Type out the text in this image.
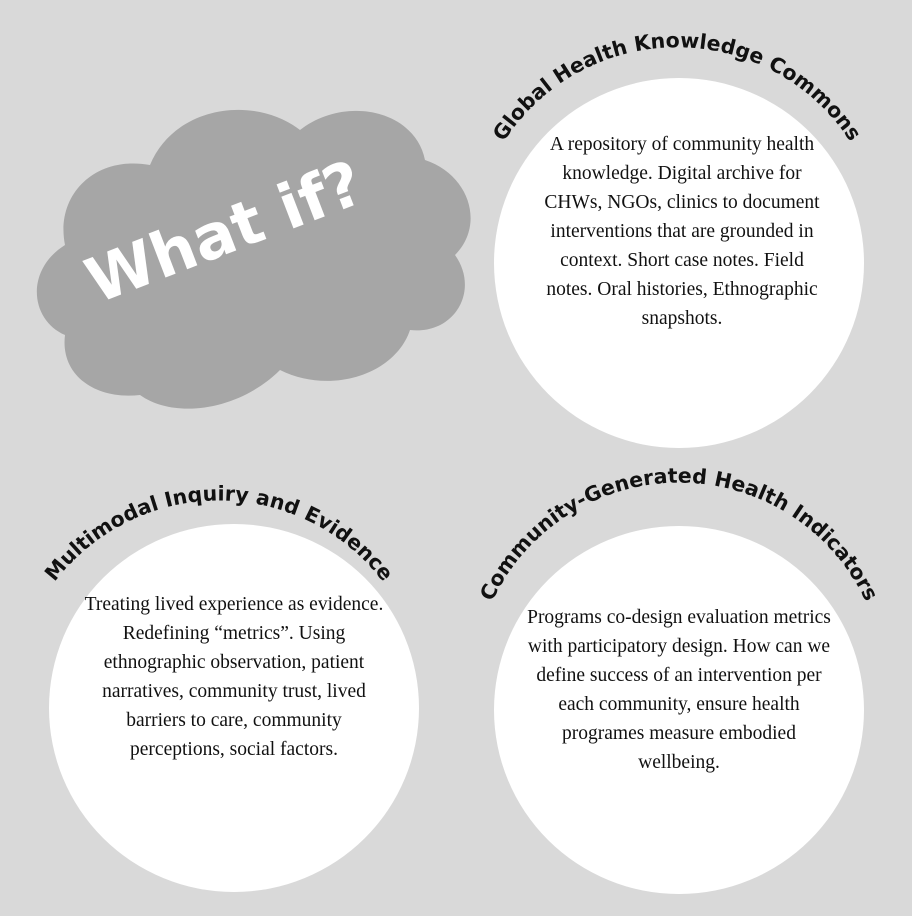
What if?
Global Health Knowledge Commons
Multimodal Inquiry and Evidence
Community-Generated Health Indicators
A repository of community health knowledge. Digital archive for CHWs, NGOs, clinics to document interventions that are grounded in context. Short case notes. Field notes. Oral histories, Ethnographic snapshots.
Treating lived experience as evidence. Redefining “metrics”. Using ethnographic observation, patient narratives, community trust, lived barriers to care, community perceptions, social factors.
Programs co-design evaluation metrics with participatory design. How can we define success of an intervention per each community, ensure health programes measure embodied wellbeing.
